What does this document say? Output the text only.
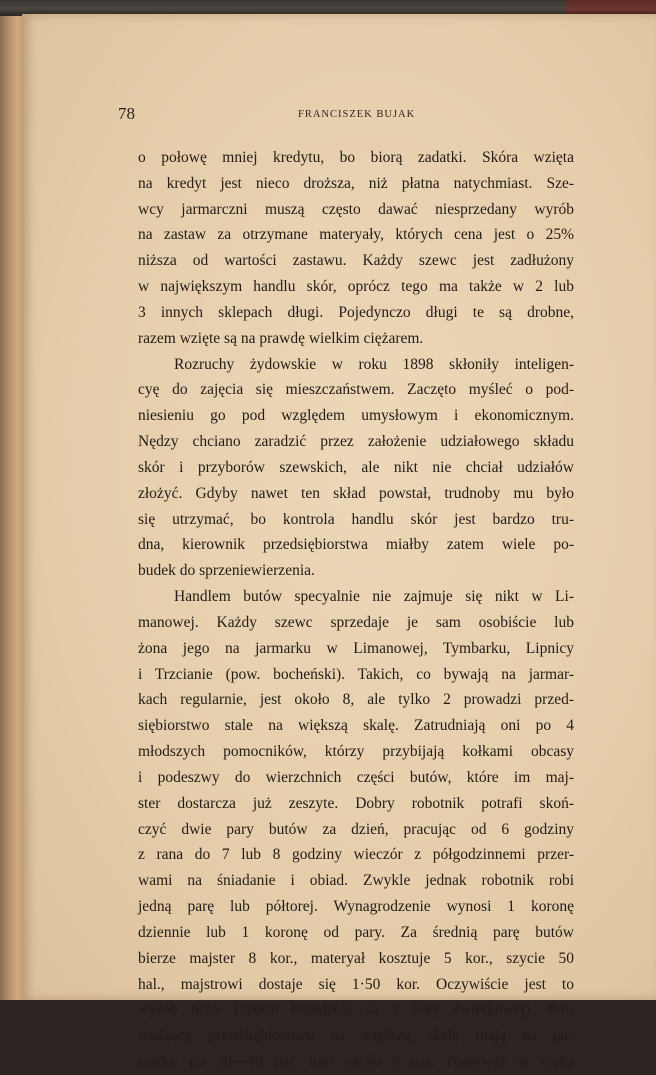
78	FRANCISZEK BUJAK
o połowę mniej kredytu, bo biorą zadatki. Skóra wzięta
na kredyt jest nieco droższa, niż płatna natychmiast. Sze-
wcy jarmarczni muszą często dawać niesprzedany wyrób
na zastaw za otrzymane materyały, których cena jest o 25%
niższa od wartości zastawu. Każdy szewc jest zadłużony
w największym handlu skór, oprócz tego ma także w 2 lub
3 innych sklepach długi. Pojedynczo długi te są drobne,
razem wzięte są na prawdę wielkim ciężarem.
Rozruchy żydowskie w roku 1898 skłoniły inteligen-
cyę do zajęcia się mieszczaństwem. Zaczęto myśleć o pod-
niesieniu go pod względem umysłowym i ekonomicznym.
Nędzy chciano zaradzić przez założenie udziałowego składu
skór i przyborów szewskich, ale nikt nie chciał udziałów
złożyć. Gdyby nawet ten skład powstał, trudnoby mu było
się utrzymać, bo kontrola handlu skór jest bardzo tru-
dna, kierownik przedsiębiorstwa miałby zatem wiele po-
budek do sprzeniewierzenia.
Handlem butów specyalnie nie zajmuje się nikt w Li-
manowej. Każdy szewc sprzedaje je sam osobiście lub
żona jego na jarmarku w Limanowej, Tymbarku, Lipnicy
i Trzcianie (pow. bocheński). Takich, co bywają na jarmar-
kach regularnie, jest około 8, ale tylko 2 prowadzi przed-
siębiorstwo stale na większą skalę. Zatrudniają oni po 4
młodszych pomocników, którzy przybijają kołkami obcasy
i podeszwy do wierzchnich części butów, które im maj-
ster dostarcza już zeszyte. Dobry robotnik potrafi skoń-
czyć dwie pary butów za dzień, pracując od 6 godziny
z rana do 7 lub 8 godziny wieczór z półgodzinnemi przer-
wami na śniadanie i obiad. Zwykle jednak robotnik robi
jedną parę lub półtorej. Wynagrodzenie wynosi 1 koronę
dziennie lub 1 koronę od pary. Za średnią parę butów
bierze majster 8 kor., materyał kosztuje 5 kor., szycie 50
hal., majstrowi dostaje się 1·50 kor. Oczywiście jest to
wyrób lichy (często brandzole są z kory świerkowej). Pro-
wadzący przedsiębiorstwo na większą skalę mają na jar-
marku po 30—40 par, inni około 8 par. Ponieważ w ciągu
